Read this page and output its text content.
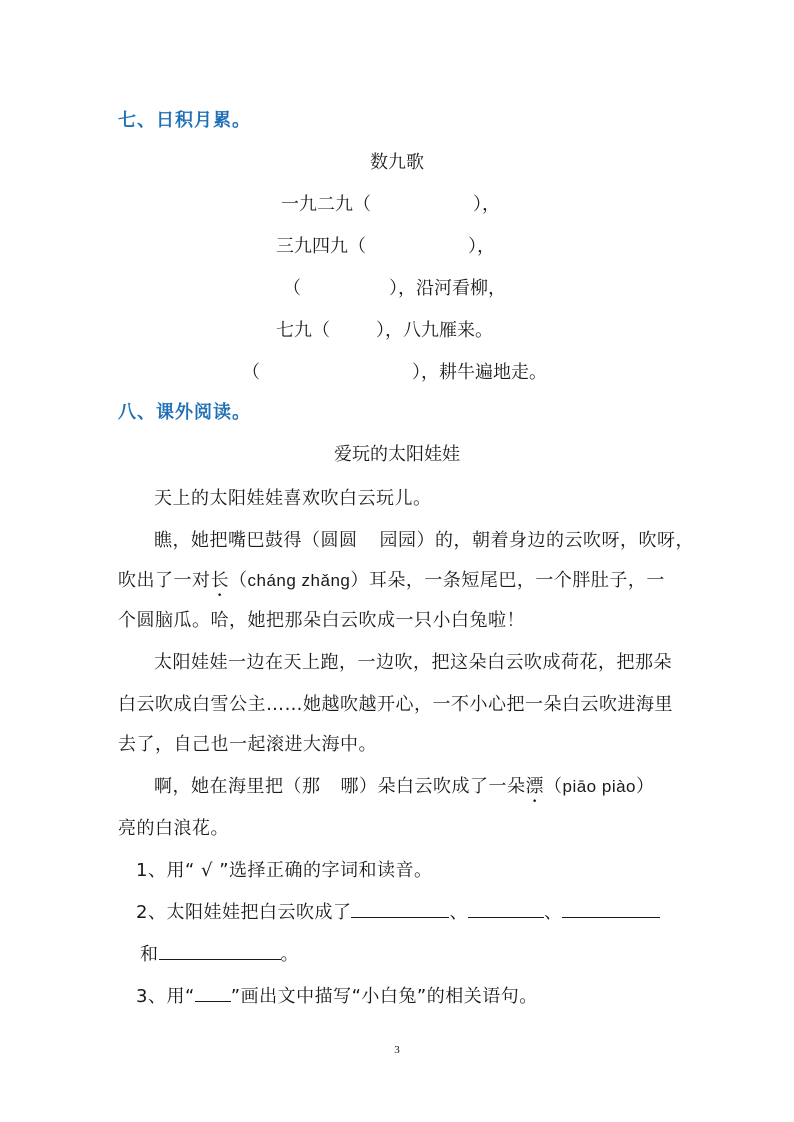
七、日积月累。
数九歌
一九二九（	），
三九四九（	），
（	），沿河看柳，
七九（	），八九雁来。
（	），耕牛遍地走。
八、课外阅读。
爱玩的太阳娃娃
天上的太阳娃娃喜欢吹白云玩儿。
瞧，她把嘴巴鼓得（圆圆 园园）的，朝着身边的云吹呀，吹呀，
吹出了一对长（cháng zhǎng）耳朵，一条短尾巴，一个胖肚子，一
个圆脑瓜。哈，她把那朵白云吹成一只小白兔啦！
太阳娃娃一边在天上跑，一边吹，把这朵白云吹成荷花，把那朵
白云吹成白雪公主……她越吹越开心，一不小心把一朵白云吹进海里
去了，自己也一起滚进大海中。
啊，她在海里把（那 哪）朵白云吹成了一朵漂（piāo piào）
亮的白浪花。
1、用“ √ ”选择正确的字词和读音。
2、太阳娃娃把白云吹成了	、	、
和	。
3、用“ ”画出文中描写“小白兔”的相关语句。
3
